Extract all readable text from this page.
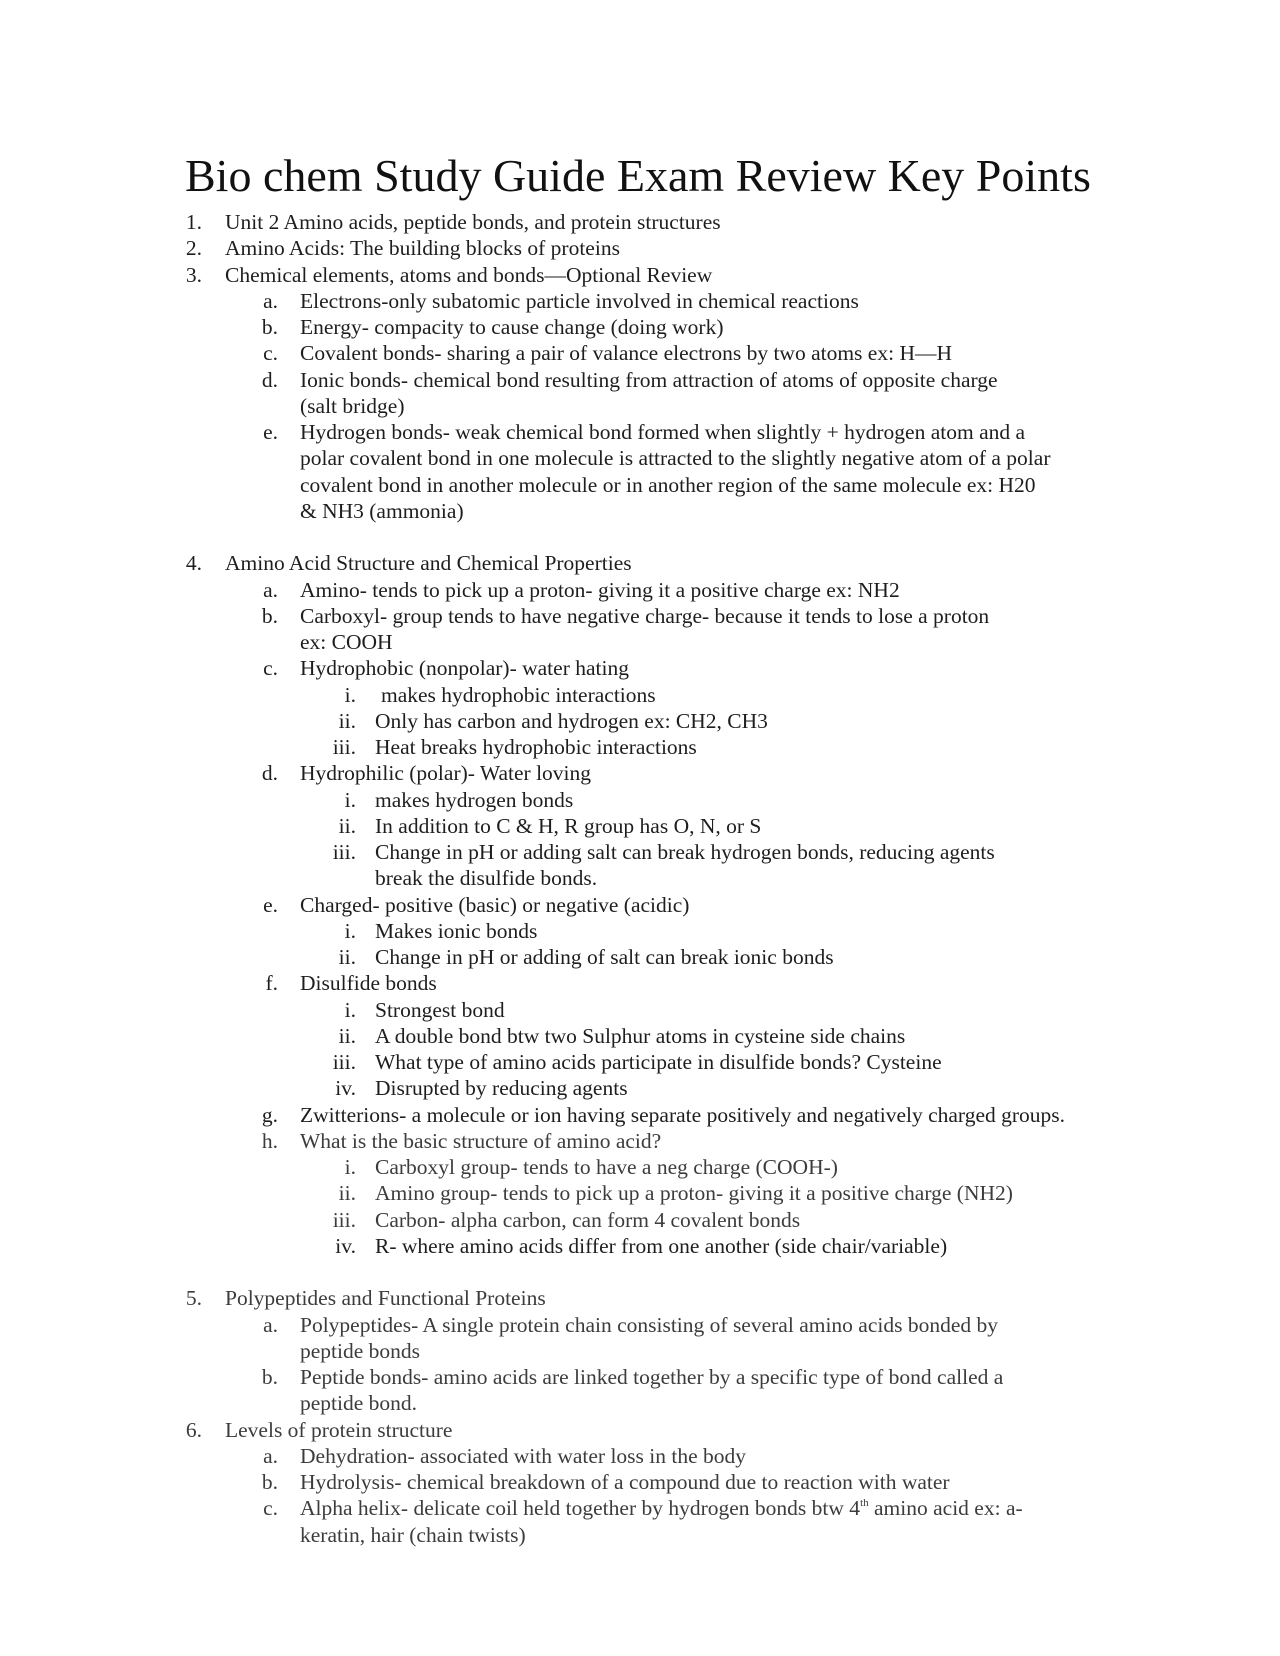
Bio chem Study Guide Exam Review Key Points
1. Unit 2 Amino acids, peptide bonds, and protein structures
2. Amino Acids: The building blocks of proteins
3. Chemical elements, atoms and bonds—Optional Review
a. Electrons-only subatomic particle involved in chemical reactions
b. Energy- compacity to cause change (doing work)
c. Covalent bonds- sharing a pair of valance electrons by two atoms ex: H—H
d. Ionic bonds- chemical bond resulting from attraction of atoms of opposite charge
(salt bridge)
e. Hydrogen bonds- weak chemical bond formed when slightly + hydrogen atom and a
polar covalent bond in one molecule is attracted to the slightly negative atom of a polar
covalent bond in another molecule or in another region of the same molecule ex: H20
& NH3 (ammonia)
4. Amino Acid Structure and Chemical Properties
a. Amino- tends to pick up a proton- giving it a positive charge ex: NH2
b. Carboxyl- group tends to have negative charge- because it tends to lose a proton
ex: COOH
c. Hydrophobic (nonpolar)- water hating
i. makes hydrophobic interactions
ii. Only has carbon and hydrogen ex: CH2, CH3
iii. Heat breaks hydrophobic interactions
d. Hydrophilic (polar)- Water loving
i. makes hydrogen bonds
ii. In addition to C & H, R group has O, N, or S
iii. Change in pH or adding salt can break hydrogen bonds, reducing agents
break the disulfide bonds.
e. Charged- positive (basic) or negative (acidic)
i. Makes ionic bonds
ii. Change in pH or adding of salt can break ionic bonds
f. Disulfide bonds
i. Strongest bond
ii. A double bond btw two Sulphur atoms in cysteine side chains
iii. What type of amino acids participate in disulfide bonds? Cysteine
iv. Disrupted by reducing agents
g. Zwitterions- a molecule or ion having separate positively and negatively charged groups.
h. What is the basic structure of amino acid?
i. Carboxyl group- tends to have a neg charge (COOH-)
ii. Amino group- tends to pick up a proton- giving it a positive charge (NH2)
iii. Carbon- alpha carbon, can form 4 covalent bonds
iv. R- where amino acids differ from one another (side chair/variable)
5. Polypeptides and Functional Proteins
a. Polypeptides- A single protein chain consisting of several amino acids bonded by
peptide bonds
b. Peptide bonds- amino acids are linked together by a specific type of bond called a
peptide bond.
6. Levels of protein structure
a. Dehydration- associated with water loss in the body
b. Hydrolysis- chemical breakdown of a compound due to reaction with water
c. Alpha helix- delicate coil held together by hydrogen bonds btw 4th amino acid ex: a-
keratin, hair (chain twists)
